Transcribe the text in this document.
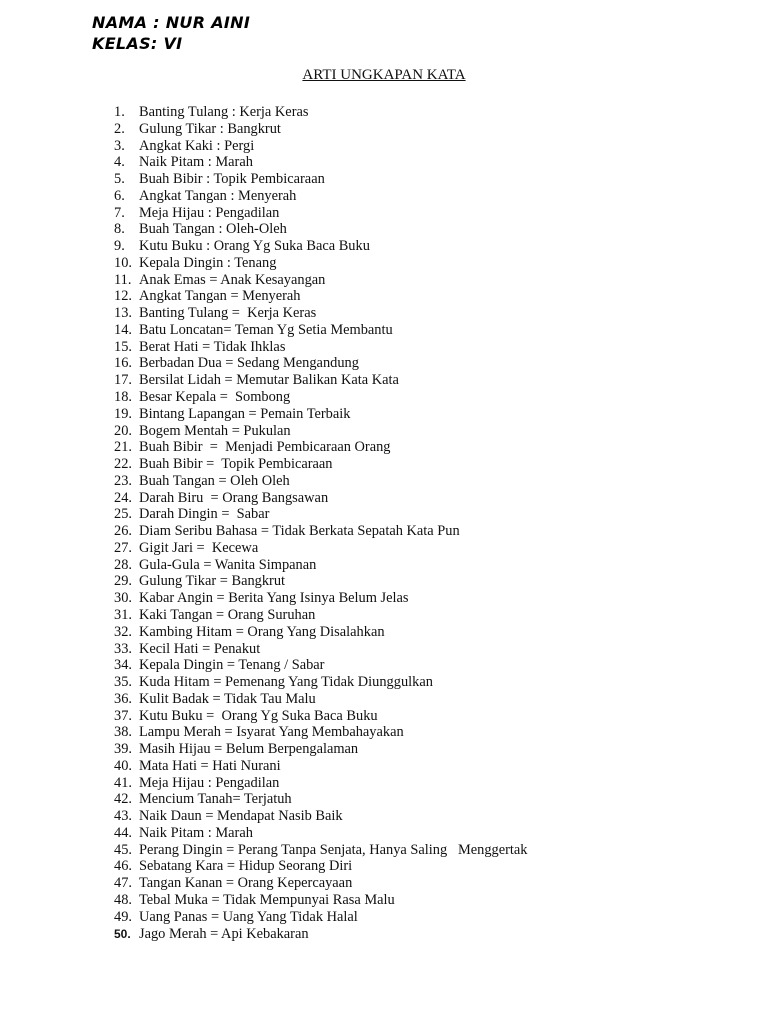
NAMA : NUR AINI
KELAS: VI
ARTI UNGKAPAN KATA
1. Banting Tulang : Kerja Keras
2. Gulung Tikar : Bangkrut
3. Angkat Kaki : Pergi
4. Naik Pitam : Marah
5. Buah Bibir : Topik Pembicaraan
6. Angkat Tangan : Menyerah
7. Meja Hijau : Pengadilan
8. Buah Tangan : Oleh-Oleh
9. Kutu Buku : Orang Yg Suka Baca Buku
10. Kepala Dingin : Tenang
11. Anak Emas = Anak Kesayangan
12. Angkat Tangan = Menyerah
13. Banting Tulang =  Kerja Keras
14. Batu Loncatan= Teman Yg Setia Membantu
15. Berat Hati = Tidak Ihklas
16. Berbadan Dua = Sedang Mengandung
17. Bersilat Lidah = Memutar Balikan Kata Kata
18. Besar Kepala =  Sombong
19. Bintang Lapangan = Pemain Terbaik
20. Bogem Mentah = Pukulan
21. Buah Bibir  =  Menjadi Pembicaraan Orang
22. Buah Bibir =  Topik Pembicaraan
23. Buah Tangan = Oleh Oleh
24. Darah Biru  = Orang Bangsawan
25. Darah Dingin =  Sabar
26. Diam Seribu Bahasa = Tidak Berkata Sepatah Kata Pun
27. Gigit Jari =  Kecewa
28. Gula-Gula = Wanita Simpanan
29. Gulung Tikar = Bangkrut
30. Kabar Angin = Berita Yang Isinya Belum Jelas
31. Kaki Tangan = Orang Suruhan
32. Kambing Hitam = Orang Yang Disalahkan
33. Kecil Hati = Penakut
34. Kepala Dingin = Tenang / Sabar
35. Kuda Hitam = Pemenang Yang Tidak Diunggulkan
36. Kulit Badak = Tidak Tau Malu
37. Kutu Buku =  Orang Yg Suka Baca Buku
38. Lampu Merah = Isyarat Yang Membahayakan
39. Masih Hijau = Belum Berpengalaman
40. Mata Hati = Hati Nurani
41. Meja Hijau : Pengadilan
42. Mencium Tanah= Terjatuh
43. Naik Daun = Mendapat Nasib Baik
44. Naik Pitam : Marah
45. Perang Dingin = Perang Tanpa Senjata, Hanya Saling   Menggertak
46. Sebatang Kara = Hidup Seorang Diri
47. Tangan Kanan = Orang Kepercayaan
48. Tebal Muka = Tidak Mempunyai Rasa Malu
49. Uang Panas = Uang Yang Tidak Halal
50. Jago Merah = Api Kebakaran
